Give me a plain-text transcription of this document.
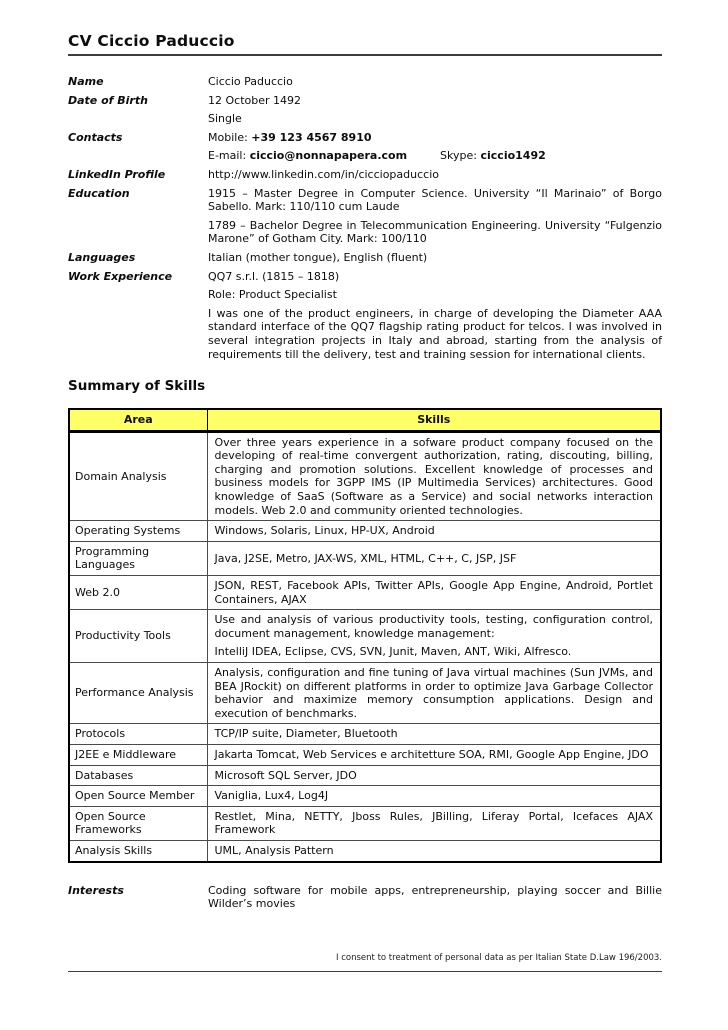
CV Ciccio Paduccio
Name	Ciccio Paduccio
Date of Birth	12 October 1492

Single

Contacts	Mobile: +39 123 4567 8910

E-mail: ciccio@nonnapapera.com	Skype: ciccio1492

LinkedIn Profile	http://www.linkedin.com/in/cicciopaduccio
Education	1915 – Master Degree in Computer Science. University “Il Marinaio” of Borgo Sabello. Mark: 110/110 cum Laude

1789 – Bachelor Degree in Telecommunication Engineering. University “Fulgenzio Marone” of Gotham City. Mark: 100/110

Languages	Italian (mother tongue), English (fluent)
Work Experience	QQ7 s.r.l. (1815 – 1818)

Role: Product Specialist

I was one of the product engineers, in charge of developing the Diameter AAA standard interface of the QQ7 flagship rating product for telcos. I was involved in several integration projects in Italy and abroad, starting from the analysis of requirements till the delivery, test and training session for international clients.

Summary of Skills
Area	Skills
Domain Analysis	Over three years experience in a sofware product company focused on the developing of real-time convergent authorization, rating, discouting, billing, charging and promotion solutions. Excellent knowledge of processes and business models for 3GPP IMS (IP Multimedia Services) architectures. Good knowledge of SaaS (Software as a Service) and social networks interaction models. Web 2.0 and community oriented technologies.

Operating Systems	Windows, Solaris, Linux, HP-UX, Android

Programming Languages	Java, J2SE, Metro, JAX-WS, XML, HTML, C++, C, JSP, JSF

Web 2.0	JSON, REST, Facebook APIs, Twitter APIs, Google App Engine, Android, Portlet Containers, AJAX

Productivity Tools	Use and analysis of various productivity tools, testing, configuration control, document management, knowledge management:

IntelliJ IDEA, Eclipse, CVS, SVN, Junit, Maven, ANT, Wiki, Alfresco.

Performance Analysis	Analysis, configuration and fine tuning of Java virtual machines (Sun JVMs, and BEA JRockit) on different platforms in order to optimize Java Garbage Collector behavior and maximize memory consumption applications. Design and execution of benchmarks.

Protocols	TCP/IP suite, Diameter, Bluetooth

J2EE e Middleware	Jakarta Tomcat, Web Services e architetture SOA, RMI, Google App Engine, JDO

Databases	Microsoft SQL Server, JDO

Open Source Member	Vaniglia, Lux4, Log4J

Open Source Frameworks	Restlet, Mina, NETTY, Jboss Rules, JBilling, Liferay Portal, Icefaces AJAX Framework

Analysis Skills	UML, Analysis Pattern

Interests	Coding software for mobile apps, entrepreneurship, playing soccer and Billie Wilder’s movies
I consent to treatment of personal data as per Italian State D.Law 196/2003.
